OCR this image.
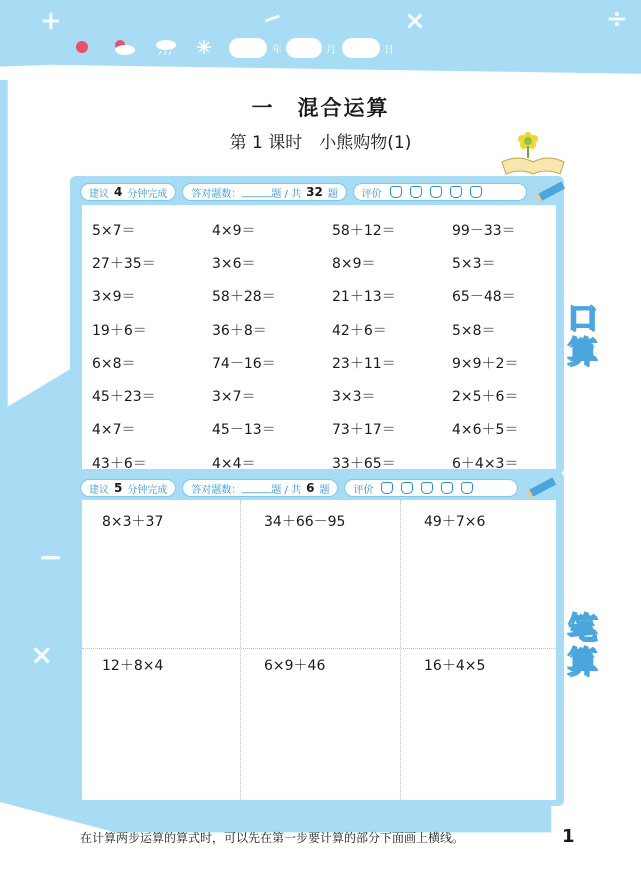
+	−	×	÷
−
×
年	月	日
一　混合运算
第 1 课时　小熊购物(1)
建议 4 分钟完成 答对题数： ______ 题 / 共 32 题 评价
5×7＝	4×9＝	58＋12＝	99－33＝
27＋35＝	3×6＝	8×9＝	5×3＝
3×9＝	58＋28＝	21＋13＝	65－48＝
19＋6＝	36＋8＝	42＋6＝	5×8＝
6×8＝	74－16＝	23＋11＝	9×9＋2＝
45＋23＝	3×7＝	3×3＝	2×5＋6＝
4×7＝	45－13＝	73＋17＝	4×6＋5＝
43＋6＝	4×4＝	33＋65＝	6＋4×3＝
口算
建议 5 分钟完成 答对题数： ______ 题 / 共 6 题 评价
8×3＋37	34＋66－95	49＋7×6
12＋8×4	6×9＋46	16＋4×5
笔算
在计算两步运算的算式时，可以先在第一步要计算的部分下面画上横线。	1
